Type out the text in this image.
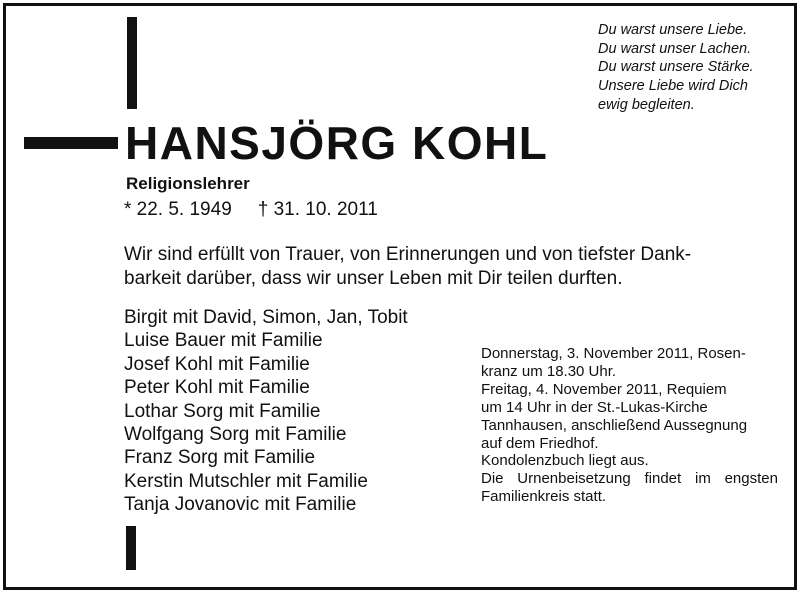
Du warst unsere Liebe.
Du warst unser Lachen.
Du warst unsere Stärke.
Unsere Liebe wird Dich
ewig begleiten.
HANSJÖRG KOHL
Religionslehrer
* 22. 5. 1949 † 31. 10. 2011
Wir sind erfüllt von Trauer, von Erinnerungen und von tiefster Dank-
barkeit darüber, dass wir unser Leben mit Dir teilen durften.
Birgit mit David, Simon, Jan, Tobit
Luise Bauer mit Familie
Josef Kohl mit Familie
Peter Kohl mit Familie
Lothar Sorg mit Familie
Wolfgang Sorg mit Familie
Franz Sorg mit Familie
Kerstin Mutschler mit Familie
Tanja Jovanovic mit Familie
Donnerstag, 3. November 2011, Rosen-
kranz um 18.30 Uhr.
Freitag, 4. November 2011, Requiem
um 14 Uhr in der St.-Lukas-Kirche
Tannhausen, anschließend Aussegnung
auf dem Friedhof.
Kondolenzbuch liegt aus.
Die Urnenbeisetzung findet im engsten
Familienkreis statt.
